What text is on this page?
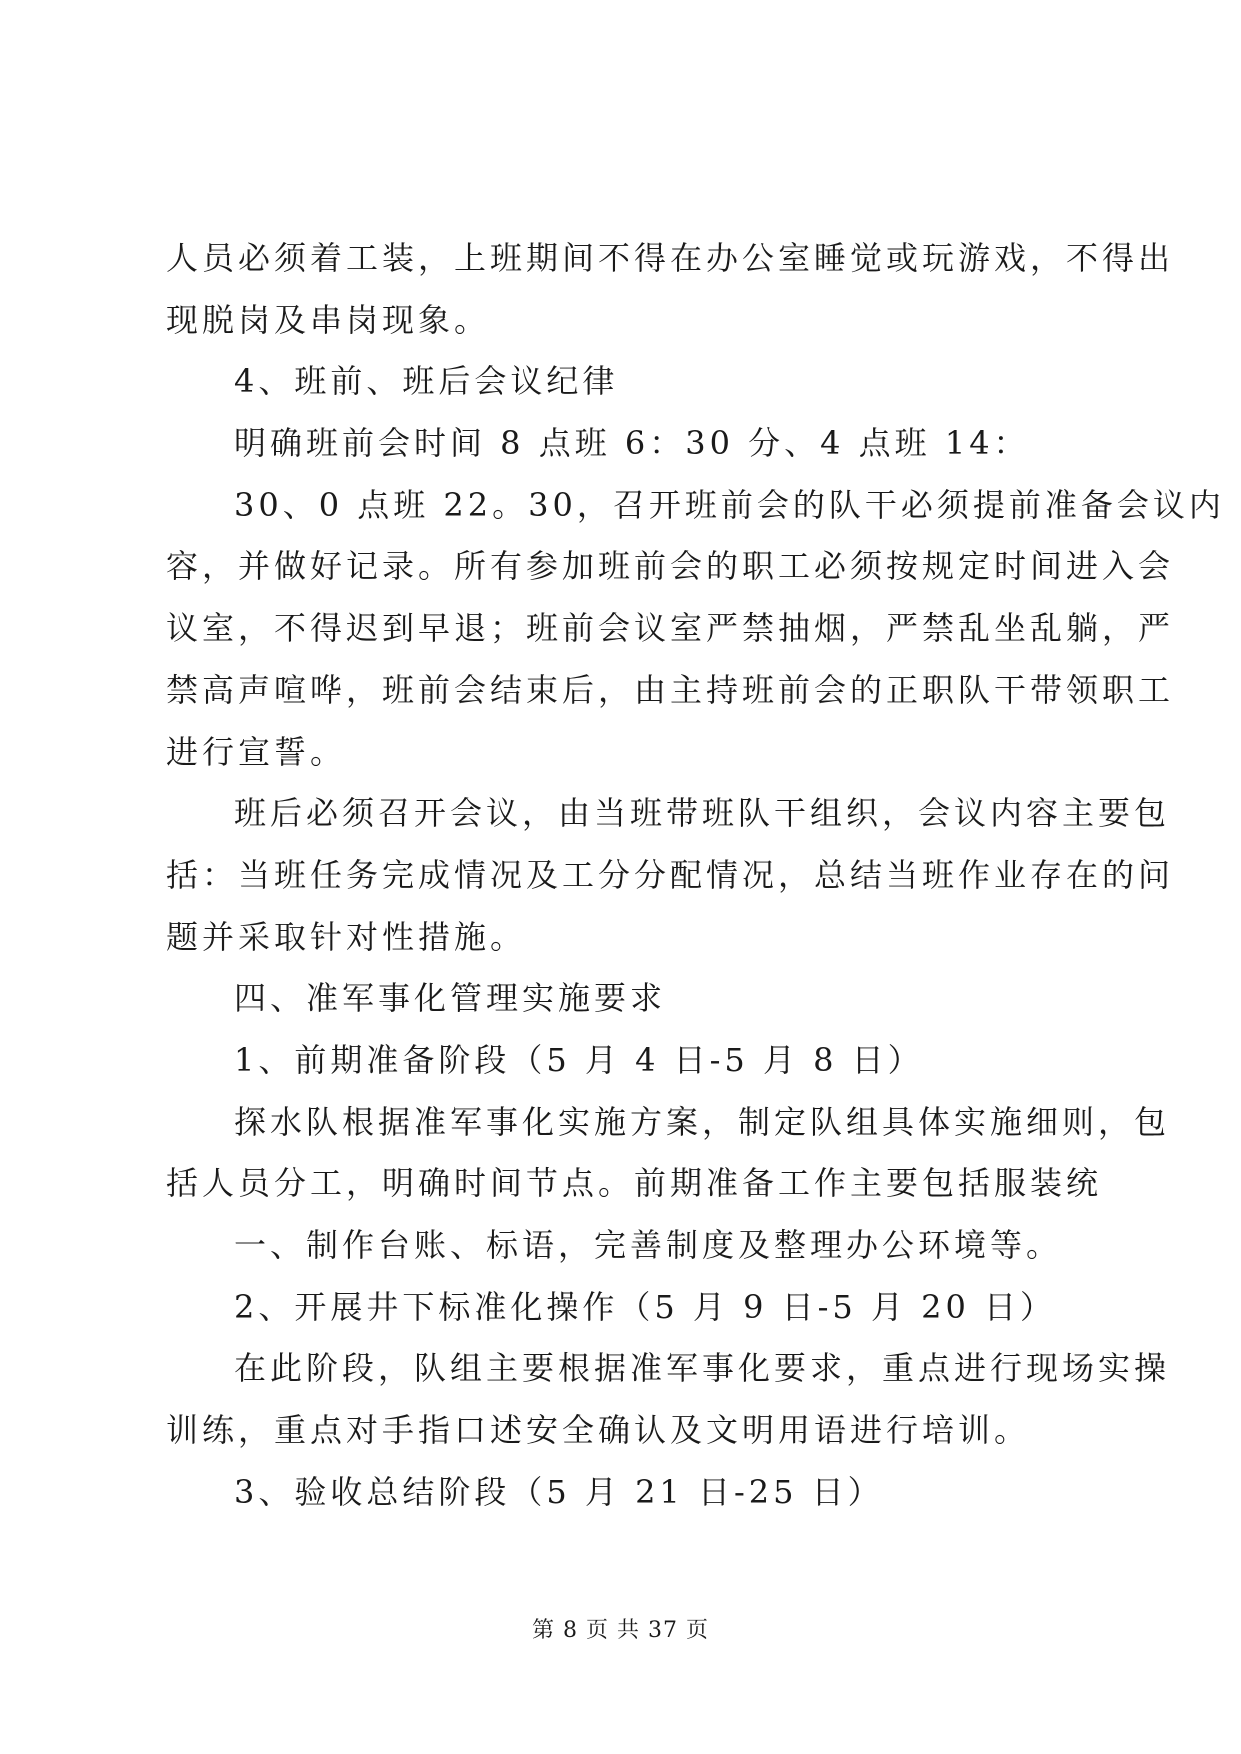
人员必须着工装，上班期间不得在办公室睡觉或玩游戏，不得出
现脱岗及串岗现象。
4、班前、班后会议纪律
明确班前会时间 8 点班 6：30 分、4 点班 14：
30、0 点班 22。30，召开班前会的队干必须提前准备会议内
容，并做好记录。所有参加班前会的职工必须按规定时间进入会
议室，不得迟到早退；班前会议室严禁抽烟，严禁乱坐乱躺，严
禁高声喧哗，班前会结束后，由主持班前会的正职队干带领职工
进行宣誓。
班后必须召开会议，由当班带班队干组织，会议内容主要包
括：当班任务完成情况及工分分配情况，总结当班作业存在的问
题并采取针对性措施。
四、准军事化管理实施要求
1、前期准备阶段（5 月 4 日-5 月 8 日）
探水队根据准军事化实施方案，制定队组具体实施细则，包
括人员分工，明确时间节点。前期准备工作主要包括服装统
一、制作台账、标语，完善制度及整理办公环境等。
2、开展井下标准化操作（5 月 9 日-5 月 20 日）
在此阶段，队组主要根据准军事化要求，重点进行现场实操
训练，重点对手指口述安全确认及文明用语进行培训。
3、验收总结阶段（5 月 21 日-25 日）
第 8 页 共 37 页
